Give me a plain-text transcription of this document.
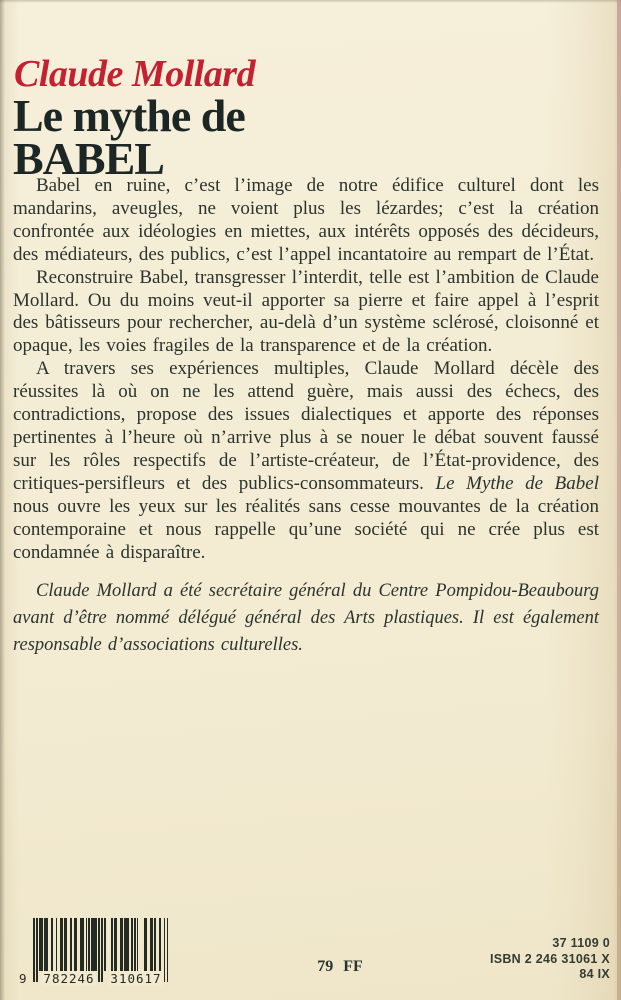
Claude Mollard
Le mythe de
BABEL

Babel en ruine, c’est l’image de notre édifice culturel dont les mandarins, aveugles, ne voient plus les lézardes; c’est la création confrontée aux idéologies en miettes, aux intérêts opposés des décideurs, des médiateurs, des publics, c’est l’appel incantatoire au rempart de l’État.

Reconstruire Babel, transgresser l’interdit, telle est l’ambition de Claude Mollard. Ou du moins veut-il apporter sa pierre et faire appel à l’esprit des bâtisseurs pour rechercher, au-delà d’un système sclérosé, cloisonné et opaque, les voies fragiles de la transparence et de la création.

A travers ses expériences multiples, Claude Mollard décèle des réussites là où on ne les attend guère, mais aussi des échecs, des contradictions, propose des issues dialectiques et apporte des réponses pertinentes à l’heure où n’arrive plus à se nouer le débat souvent faussé sur les rôles respectifs de l’artiste-créateur, de l’État-providence, des critiques-persifleurs et des publics-consommateurs. Le Mythe de Babel nous ouvre les yeux sur les réalités sans cesse mouvantes de la création contemporaine et nous rappelle qu’une société qui ne crée plus est condamnée à disparaître.

Claude Mollard a été secrétaire général du Centre Pompidou-Beaubourg avant d’être nommé délégué général des Arts plastiques. Il est également responsable d’associations culturelles.

9	782246	310617
79 FF
37 1109 0
ISBN 2 246 31061 X
84 IX
